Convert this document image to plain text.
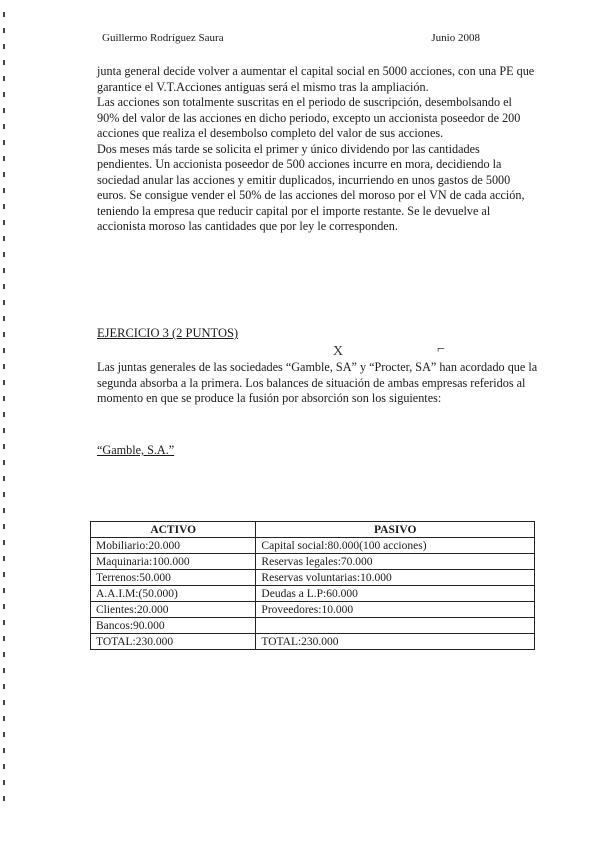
Guillermo Rodríguez Saura	Junio 2008

junta general decide volver a aumentar el capital social en 5000 acciones, con una PE que garantice el V.T.Acciones antiguas será el mismo tras la ampliación.

Las acciones son totalmente suscritas en el periodo de suscripción, desembolsando el 90% del valor de las acciones en dicho periodo, excepto un accionista poseedor de 200 acciones que realiza el desembolso completo del valor de sus acciones.

Dos meses más tarde se solicita el primer y único dividendo por las cantidades pendientes. Un accionista poseedor de 500 acciones incurre en mora, decidiendo la sociedad anular las acciones y emitir duplicados, incurriendo en unos gastos de 5000 euros. Se consigue vender el 50% de las acciones del moroso por el VN de cada acción, teniendo la empresa que reducir capital por el importe restante. Se le devuelve al accionista moroso las cantidades que por ley le corresponden.

EJERCICIO 3 (2 PUNTOS)
X	⌐

Las juntas generales de las sociedades “Gamble, SA” y “Procter, SA” han acordado que la segunda absorba a la primera. Los balances de situación de ambas empresas referidos al momento en que se produce la fusión por absorción son los siguientes:

“Gamble, S.A.”
ACTIVO	PASIVO
Mobiliario:20.000	Capital social:80.000(100 acciones)
Maquinaria:100.000	Reservas legales:70.000
Terrenos:50.000	Reservas voluntarias:10.000
A.A.I.M:(50.000)	Deudas a L.P:60.000
Clientes:20.000	Proveedores:10.000
Bancos:90.000	
TOTAL:230.000	TOTAL:230.000
